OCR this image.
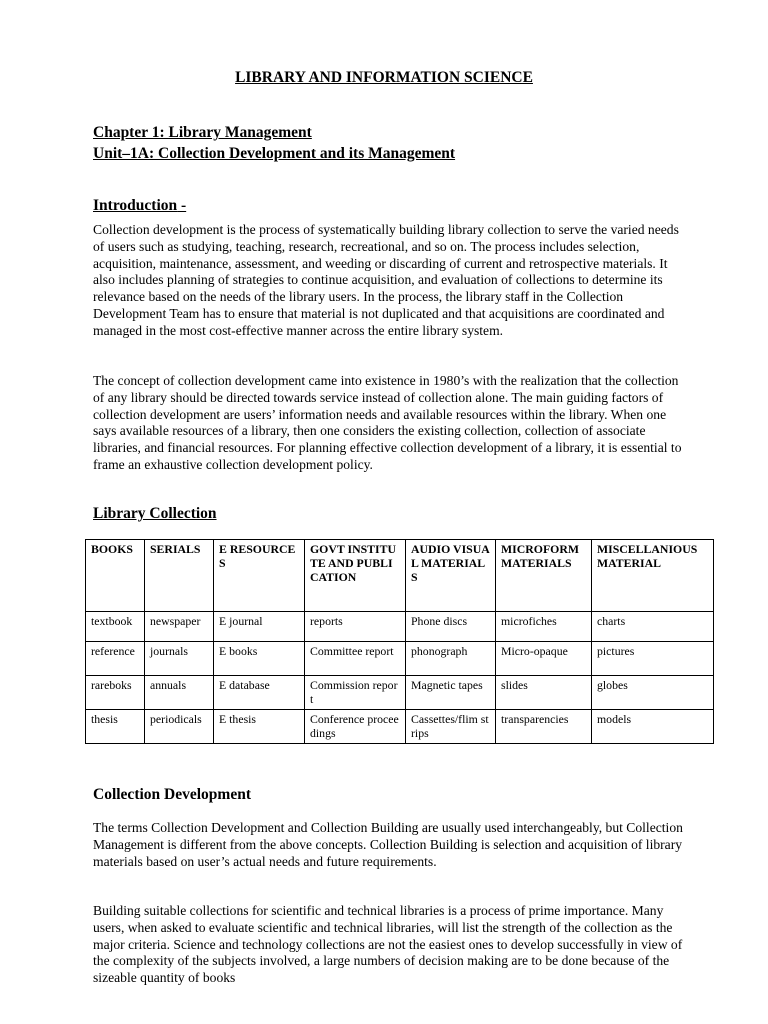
LIBRARY AND INFORMATION SCIENCE
Chapter 1: Library Management
Unit–1A: Collection Development and its Management
Introduction -

Collection development is the process of systematically building library collection to serve the varied needs of users such as studying, teaching, research, recreational, and so on. The process includes selection, acquisition, maintenance, assessment, and weeding or discarding of current and retrospective materials. It also includes planning of strategies to continue acquisition, and evaluation of collections to determine its relevance based on the needs of the library users. In the process, the library staff in the Collection Development Team has to ensure that material is not duplicated and that acquisitions are coordinated and managed in the most cost-effective manner across the entire library system.

The concept of collection development came into existence in 1980’s with the realization that the collection of any library should be directed towards service instead of collection alone. The main guiding factors of collection development are users’ information needs and available resources within the library. When one says available resources of a library, then one considers the existing collection, collection of associate libraries, and financial resources. For planning effective collection development of a library, it is essential to frame an exhaustive collection development policy.

Library Collection
BOOKS	SERIALS	E RESOURCES	GOVT INSTITUTE AND PUBLICATION	AUDIO VISUAL MATERIALS	MICROFORM MATERIALS	MISCELLANIOUS MATERIAL
textbook	newspaper	E journal	reports	Phone discs	microfiches	charts
reference	journals	E books	Committee report	phonograph	Micro-opaque	pictures
rareboks	annuals	E database	Commission report	Magnetic tapes	slides	globes
thesis	periodicals	E thesis	Conference proceedings	Cassettes/flim strips	transparencies	models
Collection Development

The terms Collection Development and Collection Building are usually used interchangeably, but Collection Management is different from the above concepts. Collection Building is selection and acquisition of library materials based on user’s actual needs and future requirements.

Building suitable collections for scientific and technical libraries is a process of prime importance. Many users, when asked to evaluate scientific and technical libraries, will list the strength of the collection as the major criteria. Science and technology collections are not the easiest ones to develop successfully in view of the complexity of the subjects involved, a large numbers of decision making are to be done because of the sizeable quantity of books
